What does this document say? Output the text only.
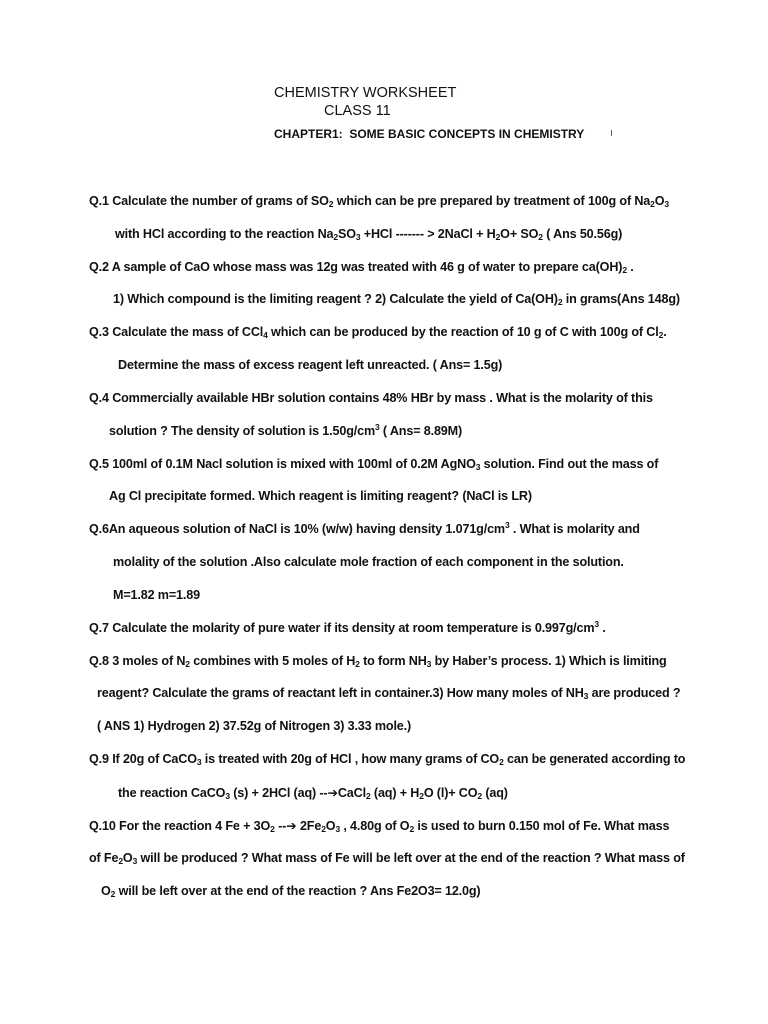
CHEMISTRY WORKSHEET
CLASS 11
CHAPTER1:  SOME BASIC CONCEPTS IN CHEMISTRY ı
Q.1 Calculate the number of grams of $SO_2$ which can be pre prepared by treatment of 100g of $Na_2O_3$
with HCl according to the reaction $Na_2SO_3 +HCl$ ------- > 2NaCl + $H_2O+ SO_2$ ( Ans 50.56g)
Q.2 A sample of CaO whose mass was 12g was treated with 46 g of water to prepare $ca(OH)_2$ .
1) Which compound is the limiting reagent ? 2) Calculate the yield of $Ca(OH)_2$ in grams(Ans 148g)
Q.3 Calculate the mass of CCl$_4$ which can be produced by the reaction of 10 g of C with 100g of $Cl_2$.
Determine the mass of excess reagent left unreacted. ( Ans= 1.5g)
Q.4 Commercially available HBr solution contains 48% HBr by mass . What is the molarity of this
solution ? The density of solution is $1.50g/cm^3$ ( Ans= 8.89M)
Q.5 100ml of 0.1M Nacl solution is mixed with 100ml of 0.2M AgNO$_3$ solution. Find out the mass of
Ag Cl precipitate formed. Which reagent is limiting reagent? (NaCl is LR)
Q.6An aqueous solution of NaCl is 10% (w/w) having density $1.071g/cm^3$ . What is molarity and
molality of the solution .Also calculate mole fraction of each component in the solution.
M=1.82 m=1.89
Q.7 Calculate the molarity of pure water if its density at room temperature is $0.997g/cm^3$ .
Q.8 3 moles of $N_2$ combines with 5 moles of $H_2$ to form $NH_3$ by Haber’s process. 1) Which is limiting
reagent? Calculate the grams of reactant left in container.3) How many moles of $NH_3$ are produced ?
( ANS 1) Hydrogen 2) 37.52g of Nitrogen 3) 3.33 mole.)
Q.9 If 20g of CaCO$_3$ is treated with 20g of HCl , how many grams of $CO_2$ can be generated according to
the reaction CaCO$_3$ (s) + 2HCl (aq) --➔CaCl$_2$ $(aq) + H_2O$ $(l)+ CO_2$ (aq)
Q.10 For the reaction 4 $Fe + 3O_2$ --➔ $2Fe_2O_3$ , 4.80g of $O_2$ is used to burn 0.150 mol of Fe. What mass
of $Fe_2O_3$ will be produced ? What mass of Fe will be left over at the end of the reaction ? What mass of
$O_2$ will be left over at the end of the reaction ? Ans Fe2O3= 12.0g)
